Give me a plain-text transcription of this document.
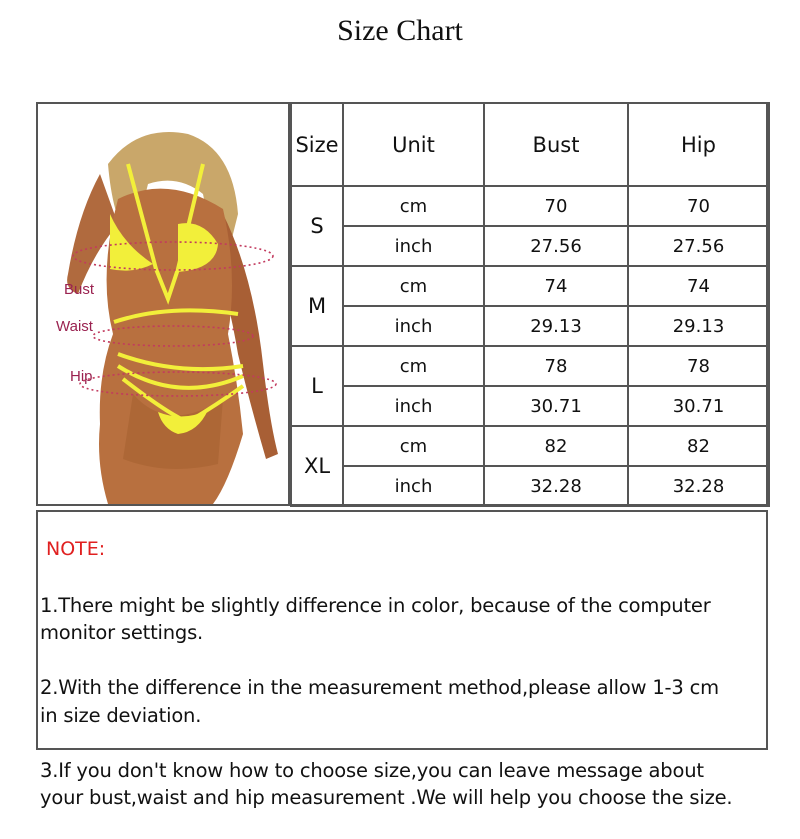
Size Chart
Bust
Waist
Hip
Size	Unit	Bust	Hip
S	cm	70	70
	inch	27.56	27.56
M	cm	74	74
	inch	29.13	29.13
L	cm	78	78
	inch	30.71	30.71
XL	cm	82	82
	inch	32.28	32.28
NOTE:

1.There might be slightly difference in color, because of the computer
monitor settings.

2.With the difference in the measurement method,please allow 1-3 cm
in size deviation.

3.If you don't know how to choose size,you can leave message about
your bust,waist and hip measurement .We will help you choose the size.
